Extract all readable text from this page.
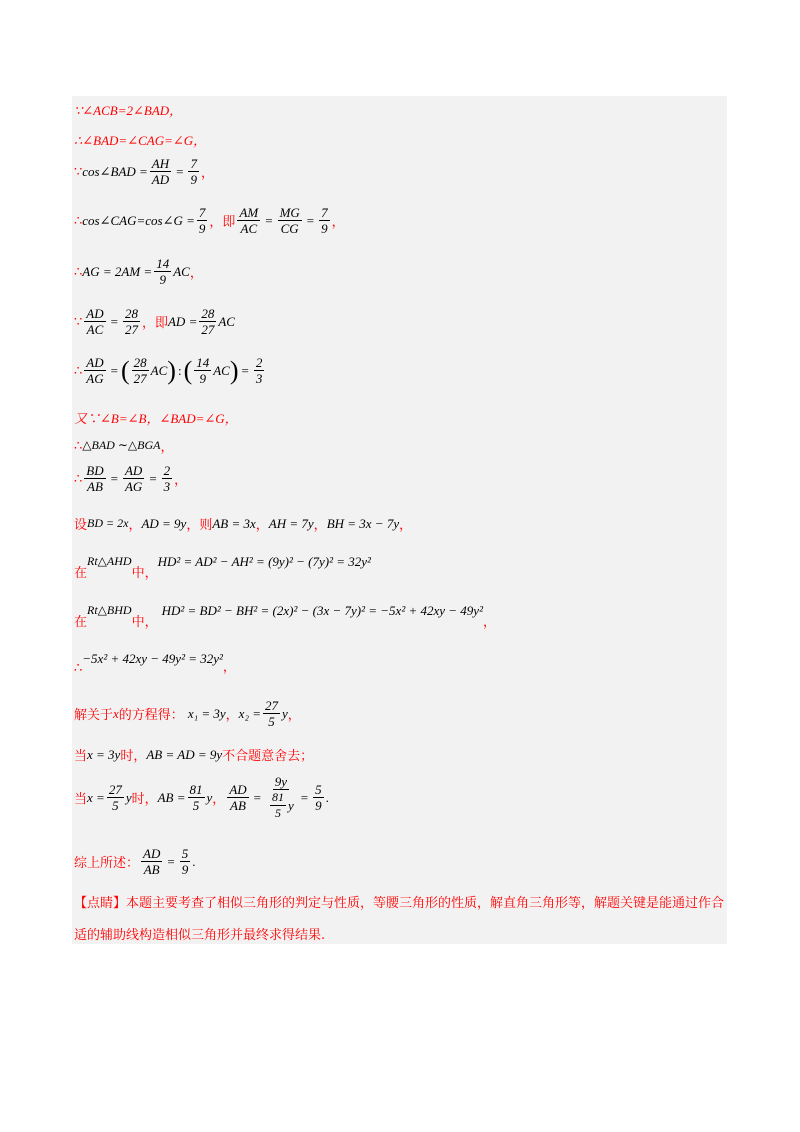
∵∠ACB=2∠BAD，
∴∠BAD=∠CAG=∠G，
∵ cos∠BAD = $\frac{AH}{AD} = \frac{7}{9}$ ，
∴ cos∠CAG=cos∠G = $\frac{7}{9}$ ，即 $\frac{AM}{AC} = \frac{MG}{CG} = \frac{7}{9}$ ，
∴ AG = $2AM = \frac{14}{9}$ AC ，
∵ $\frac{AD}{AC} = \frac{28}{27}$ ，即 AD = $\frac{28}{27}$ AC
∴ $\frac{AD}{AG}$ = ( $\frac{28}{27}$ AC ) : ( $\frac{14}{9}$ AC ) = $\frac{2}{3}$
又∵∠B=∠B，∠BAD=∠G，
∴ △BAD ∼△BGA ，
∴ $\frac{BD}{AB} = \frac{AD}{AG} = \frac{2}{3}$ ，
设 BD = 2x ， AD = 9y ，则 AB = 3x ， AH = 7y ， BH = 3x − 7y ，
在
Rt△AHD
中，
HD² = AD² − AH² = (9y)² − (7y)² = 32y²
在
Rt△BHD
中，
HD² = BD² − BH² = (2x)² − (3x − 7y)² = −5x² + 42xy − 49y²
，
∴
−5x² + 42xy − 49y² = 32y²
，
解关于 x 的方程得： x₁ = 3y ， $x_2 = \frac{27}{5}$ y ，
当 x = 3y 时， AB = AD = 9y 不合题意舍去；
当 $x = \frac{27}{5}$ y 时， AB = $\frac{81}{5}$ y ， $\frac{AD}{AB} = \frac{9y}{\frac{81}{5} y} = \frac{5}{9}$ .
综上所述： $\frac{AD}{AB} = \frac{5}{9}$ .
【点睛】本题主要考查了相似三角形的判定与性质，等腰三角形的性质，解直角三角形等，解题关键是能通过作合适的辅助线构造相似三角形并最终求得结果.
